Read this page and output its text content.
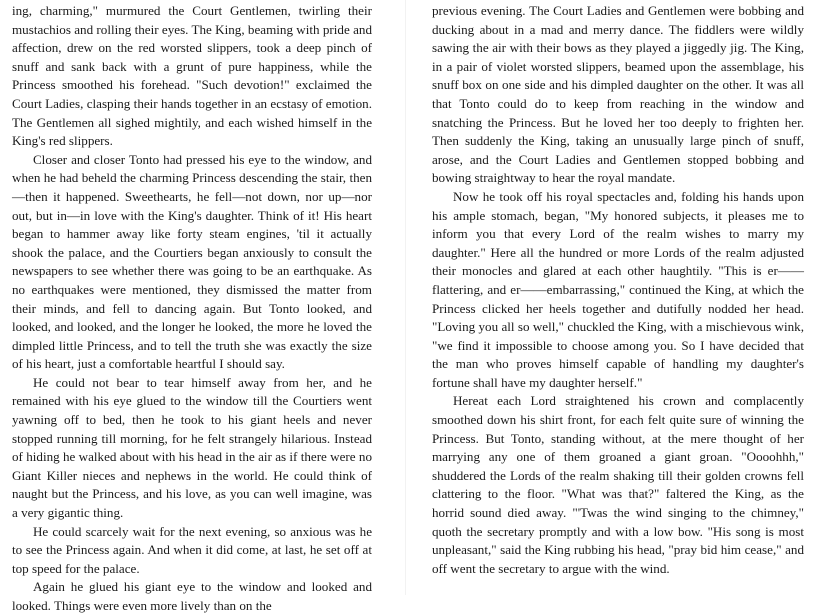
ing, charming," murmured the Court Gentlemen, twirling their mustachios and rolling their eyes. The King, beaming with pride and affection, drew on the red worsted slippers, took a deep pinch of snuff and sank back with a grunt of pure happiness, while the Princess smoothed his forehead. "Such devotion!" exclaimed the Court Ladies, clasping their hands together in an ecstasy of emotion. The Gentlemen all sighed mightily, and each wished himself in the King's red slippers.

Closer and closer Tonto had pressed his eye to the window, and when he had beheld the charming Princess descending the stair, then—then it happened. Sweethearts, he fell—not down, nor up—nor out, but in—in love with the King's daughter. Think of it! His heart began to hammer away like forty steam engines, 'til it actually shook the palace, and the Courtiers began anxiously to consult the newspapers to see whether there was going to be an earthquake. As no earthquakes were mentioned, they dismissed the matter from their minds, and fell to dancing again. But Tonto looked, and looked, and looked, and the longer he looked, the more he loved the dimpled little Princess, and to tell the truth she was exactly the size of his heart, just a comfortable heartful I should say.

He could not bear to tear himself away from her, and he remained with his eye glued to the window till the Courtiers went yawning off to bed, then he took to his giant heels and never stopped running till morning, for he felt strangely hilarious. Instead of hiding he walked about with his head in the air as if there were no Giant Killer nieces and nephews in the world. He could think of naught but the Princess, and his love, as you can well imagine, was a very gigantic thing.

He could scarcely wait for the next evening, so anxious was he to see the Princess again. And when it did come, at last, he set off at top speed for the palace.

Again he glued his giant eye to the window and looked and looked. Things were even more lively than on the

previous evening. The Court Ladies and Gentlemen were bobbing and ducking about in a mad and merry dance. The fiddlers were wildly sawing the air with their bows as they played a jiggedly jig. The King, in a pair of violet worsted slippers, beamed upon the assemblage, his snuff box on one side and his dimpled daughter on the other. It was all that Tonto could do to keep from reaching in the window and snatching the Princess. But he loved her too deeply to frighten her. Then suddenly the King, taking an unusually large pinch of snuff, arose, and the Court Ladies and Gentlemen stopped bobbing and bowing straightway to hear the royal mandate.

Now he took off his royal spectacles and, folding his hands upon his ample stomach, began, "My honored subjects, it pleases me to inform you that every Lord of the realm wishes to marry my daughter." Here all the hundred or more Lords of the realm adjusted their monocles and glared at each other haughtily. "This is er——flattering, and er——embarrassing," continued the King, at which the Princess clicked her heels together and dutifully nodded her head. "Loving you all so well," chuckled the King, with a mischievous wink, "we find it impossible to choose among you. So I have decided that the man who proves himself capable of handling my daughter's fortune shall have my daughter herself."

Hereat each Lord straightened his crown and complacently smoothed down his shirt front, for each felt quite sure of winning the Princess. But Tonto, standing without, at the mere thought of her marrying any one of them groaned a giant groan. "Oooohhh," shuddered the Lords of the realm shaking till their golden crowns fell clattering to the floor. "What was that?" faltered the King, as the horrid sound died away. "'Twas the wind singing to the chimney," quoth the secretary promptly and with a low bow. "His song is most unpleasant," said the King rubbing his head, "pray bid him cease," and off went the secretary to argue with the wind.
